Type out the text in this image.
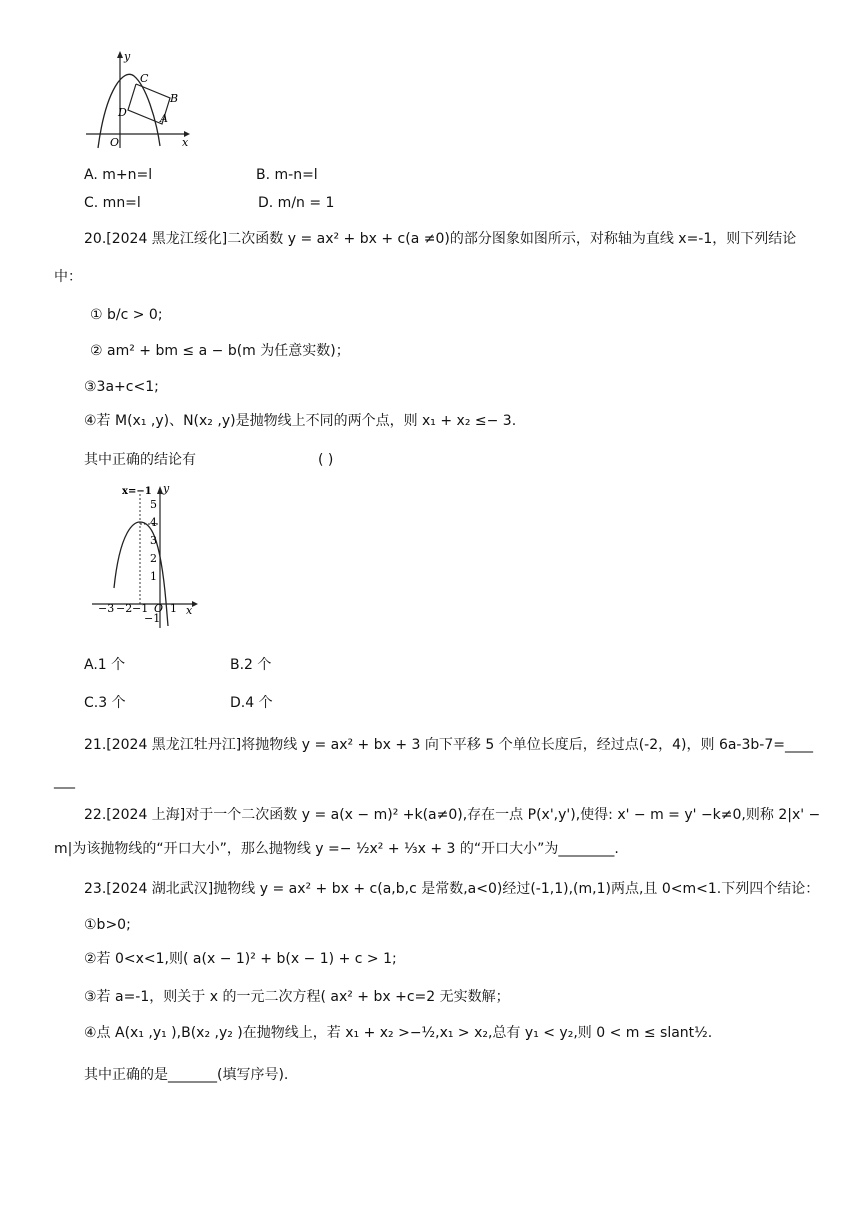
y
x
O
A
B
C
D
A. m+n=l	B. m-n=l
C. mn=l	D. m/n = 1
20.[2024 黑龙江绥化]二次函数 y = ax² + bx + c(a ≠0)的部分图象如图所示，对称轴为直线 x=-1，则下列结论
中：
① b/c > 0;
② am² + bm ≤ a − b(m 为任意实数)；
③3a+c<1;
④若 M(x₁ ,y)、N(x₂ ,y)是抛物线上不同的两个点，则 x₁ + x₂ ≤− 3.
其中正确的结论有	( )
x=−1 y
x
5
4
3
2
1
−1
−3 −2 −1 O 1
A.1 个	B.2 个
C.3 个	D.4 个
21.[2024 黑龙江牡丹江]将抛物线 y = ax² + bx + 3 向下平移 5 个单位长度后，经过点(-2，4)，则 6a-3b-7=____
___
22.[2024 上海]对于一个二次函数 y = a(x − m)² +k(a≠0),存在一点 P(x',y'),使得: x' − m = y' −k≠0,则称 2|x' −
m|为该抛物线的“开口大小”，那么抛物线 y =− ½x² + ⅓x + 3 的“开口大小”为________.
23.[2024 湖北武汉]抛物线 y = ax² + bx + c(a,b,c 是常数,a<0)经过(-1,1),(m,1)两点,且 0<m<1.下列四个结论：
①b>0;
②若 0<x<1,则( a(x − 1)² + b(x − 1) + c > 1;
③若 a=-1，则关于 x 的一元二次方程( ax² + bx +c=2 无实数解；
④点 A(x₁ ,y₁ ),B(x₂ ,y₂ )在抛物线上，若 x₁ + x₂ >−½,x₁ > x₂,总有 y₁ < y₂,则 0 < m ≤ slant½.
其中正确的是_______(填写序号).
